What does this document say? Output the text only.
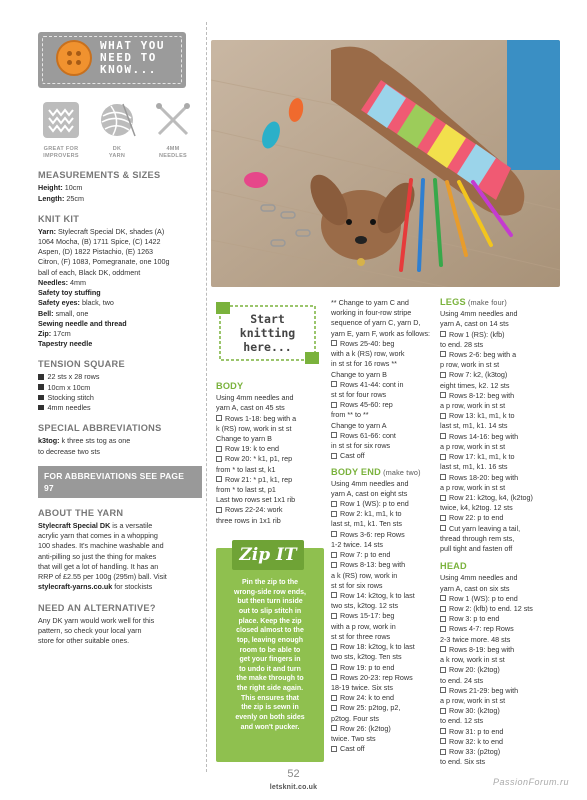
WHAT YOU
NEED TO
KNOW...
GREAT FOR
IMPROVERS
DK
YARN
4MM
NEEDLES
MEASUREMENTS & SIZES
Height: 10cm
Length: 25cm
KNIT KIT
Yarn: Stylecraft Special DK, shades (A)
1064 Mocha, (B) 1711 Spice, (C) 1422
Aspen, (D) 1822 Pistachio, (E) 1263
Citron, (F) 1083, Pomegranate, one 100g
ball of each, Black DK, oddment
Needles: 4mm
Safety toy stuffing
Safety eyes: black, two
Bell: small, one
Sewing needle and thread
Zip: 17cm
Tapestry needle
TENSION SQUARE
22 sts x 28 rows
10cm x 10cm
Stocking stitch
4mm needles
SPECIAL ABBREVIATIONS
k3tog: k three sts tog as one
to decrease two sts
FOR ABBREVIATIONS SEE PAGE 97
ABOUT THE YARN
Stylecraft Special DK is a versatile
acrylic yarn that comes in a whopping
100 shades. It's machine washable and
anti-pilling so just the thing for makes
that will get a lot of handling. It has an
RRP of £2.55 per 100g (295m) ball. Visit
stylecraft-yarns.co.uk for stockists
NEED AN ALTERNATIVE?
Any DK yarn would work well for this
pattern, so check your local yarn
store for other suitable ones.
Start
knitting
here...
BODY
Using 4mm needles and
yarn A, cast on 45 sts
Rows 1-18: beg with a
k (RS) row, work in st st
Change to yarn B
Row 19: k to end
Row 20: * k1, p1, rep
from * to last st, k1
Row 21: * p1, k1, rep
from * to last st, p1
Last two rows set 1x1 rib
Rows 22-24: work
three rows in 1x1 rib
Zip IT
Pin the zip to the
wrong-side row ends,
but then turn inside
out to slip stitch in
place. Keep the zip
closed almost to the
top, leaving enough
room to be able to
get your fingers in
to undo it and turn
the make through to
the right side again.
This ensures that
the zip is sewn in
evenly on both sides
and won't pucker.
** Change to yarn C and
working in four-row stripe
sequence of yarn C, yarn D,
yarn E, yarn F, work as follows:
Rows 25-40: beg
with a k (RS) row, work
in st st for 16 rows **
Change to yarn B
Rows 41-44: cont in
st st for four rows
Rows 45-60: rep
from ** to **
Change to yarn A
Rows 61-66: cont
in st st for six rows
Cast off
BODY END (make two)
Using 4mm needles and
yarn A, cast on eight sts
Row 1 (WS): p to end
Row 2: k1, m1, k to
last st, m1, k1. Ten sts
Rows 3-6: rep Rows
1-2 twice. 14 sts
Row 7: p to end
Rows 8-13: beg with
a k (RS) row, work in
st st for six rows
Row 14: k2tog, k to last
two sts, k2tog. 12 sts
Rows 15-17: beg
with a p row, work in
st st for three rows
Row 18: k2tog, k to last
two sts, k2tog. Ten sts
Row 19: p to end
Rows 20-23: rep Rows
18-19 twice. Six sts
Row 24: k to end
Row 25: p2tog, p2,
p2tog. Four sts
Row 26: (k2tog)
twice. Two sts
Cast off
LEGS (make four)
Using 4mm needles and
yarn A, cast on 14 sts
Row 1 (RS): (kfb)
to end. 28 sts
Rows 2-6: beg with a
p row, work in st st
Row 7: k2, (k3tog)
eight times, k2. 12 sts
Rows 8-12: beg with
a p row, work in st st
Row 13: k1, m1, k to
last st, m1, k1. 14 sts
Rows 14-16: beg with
a p row, work in st st
Row 17: k1, m1, k to
last st, m1, k1. 16 sts
Rows 18-20: beg with
a p row, work in st st
Row 21: k2tog, k4, (k2tog)
twice, k4, k2tog. 12 sts
Row 22: p to end
Cut yarn leaving a tail,
thread through rem sts,
pull tight and fasten off
HEAD
Using 4mm needles and
yarn A, cast on six sts
Row 1 (WS): p to end
Row 2: (kfb) to end. 12 sts
Row 3: p to end
Rows 4-7: rep Rows
2-3 twice more. 48 sts
Rows 8-19: beg with
a k row, work in st st
Row 20: (k2tog)
to end. 24 sts
Rows 21-29: beg with
a p row, work in st st
Row 30: (k2tog)
to end. 12 sts
Row 31: p to end
Row 32: k to end
Row 33: (p2tog)
to end. Six sts
52
letsknit.co.uk
PassionForum.ru
